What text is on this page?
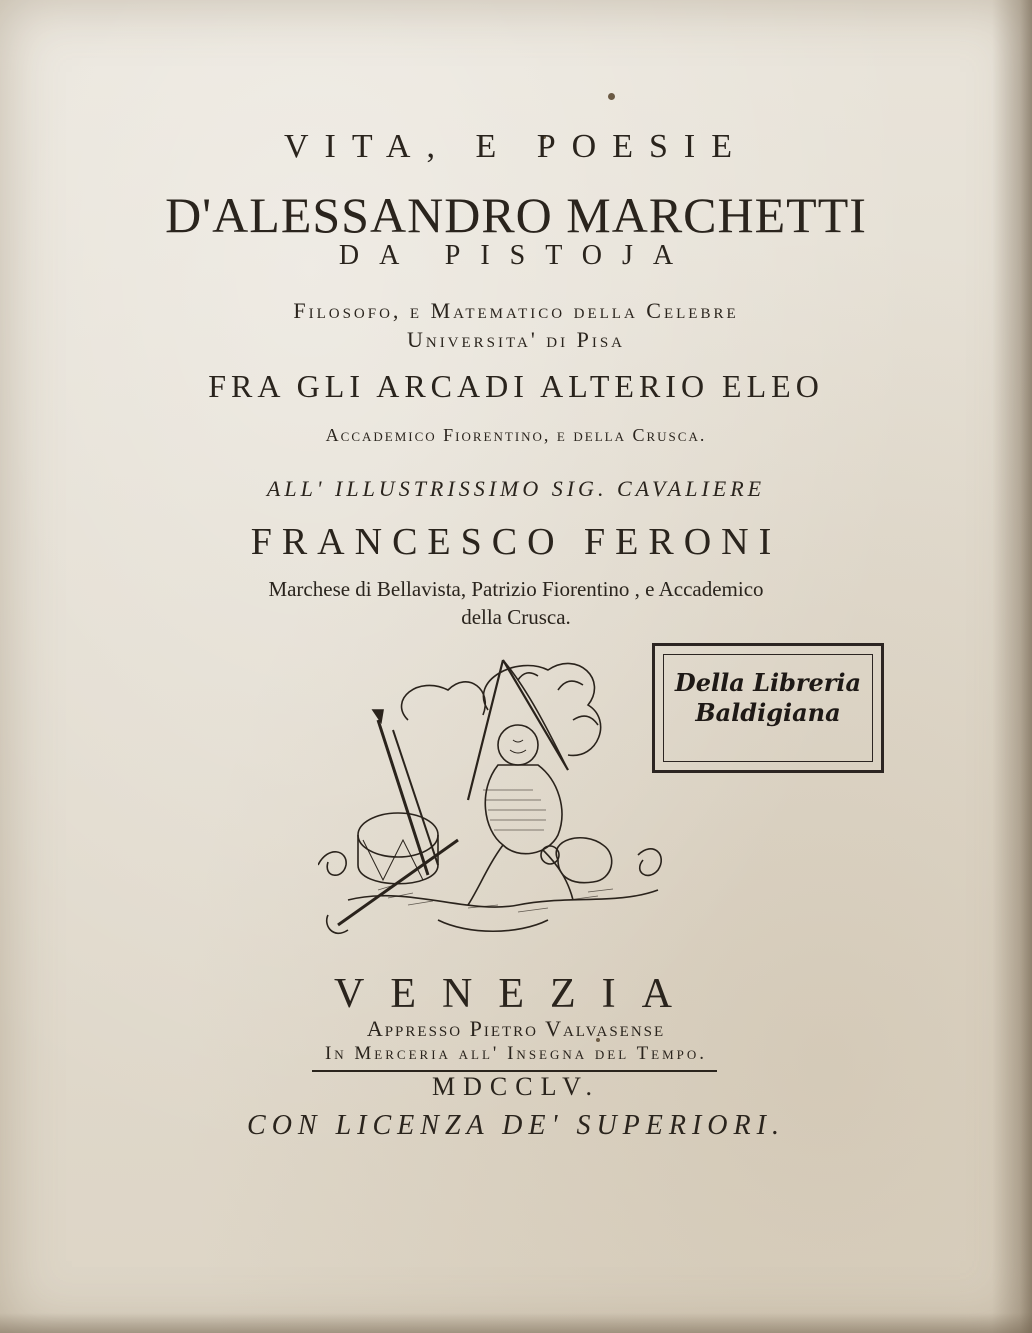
VITA, E POESIE
D'ALESSANDRO MARCHETTI
DA PISTOJA
Filosofo, e Matematico della Celebre
Universita' di Pisa
FRA GLI ARCADI ALTERIO ELEO
Accademico Fiorentino, e della Crusca.
ALL' ILLUSTRISSIMO SIG. CAVALIERE
FRANCESCO FERONI
Marchese di Bellavista, Patrizio Fiorentino , e Accademico
della Crusca.
Della Libreria
Baldigiana
VENEZIA
Appresso Pietro Valvasense
In Merceria all' Insegna del Tempo.
MDCCLV.
CON LICENZA DE' SUPERIORI.
